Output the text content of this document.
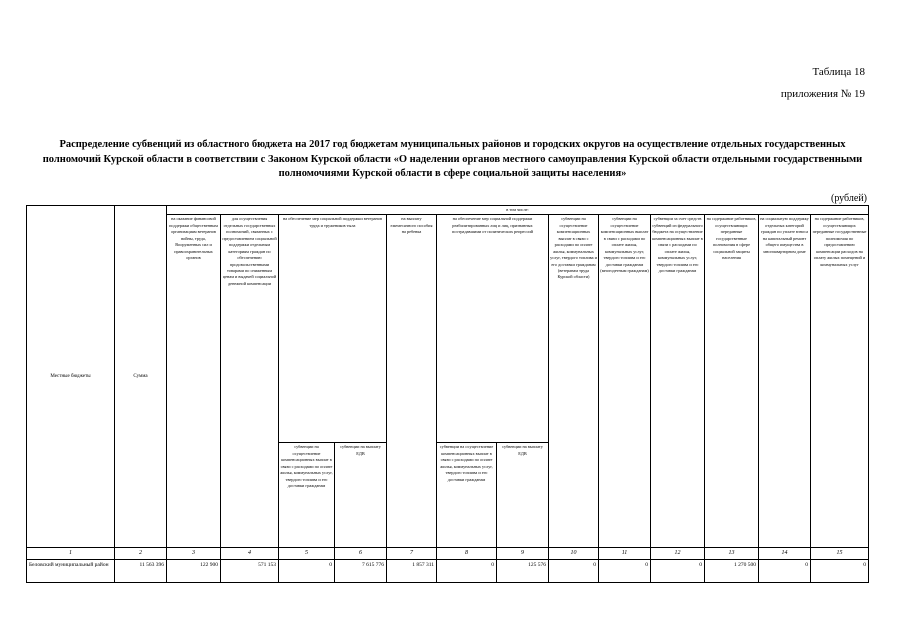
Таблица 18
приложения № 19
Распределение субвенций из областного бюджета на 2017 год бюджетам муниципальных районов и городских округов на осуществление отдельных государственных полномочий Курской области в соответствии с Законом Курской области «О наделении органов местного самоуправления Курской области отдельными государственными полномочиями Курской области в сфере социальной защиты населения»
(рублей)
Местные бюджеты	Сумма	в том числе:												
		на оказание финансовой поддержки общественным организациям ветеранов войны, труда, Вооруженных сил и правоохранительных органов	для осуществления отдельных государственных полномочий, связанных с предоставлением социальной поддержки отдельным категориям граждан по обеспечению продовольственными товарами по сниженным ценам и выдачей социальной денежной компенсации	на обеспечение мер социальной поддержки ветеранов труда и тружеников тыла		на выплату ежемесячного пособия на ребенка	на обеспечение мер социальной поддержки реабилитированных лиц и лиц, признанных пострадавшими от политических репрессий		субвенции на осуществление компенсационных выплат в связи с расходами по оплате жилья, коммунальных услуг, твердого топлива и его доставки гражданам (ветеранам труда Курской области)	субвенции на осуществление компенсационных выплат в связи с расходами по оплате жилья, коммунальных услуг, твердого топлива и его доставки гражданам (многодетным гражданам)	субвенции за счет средств субвенций из федерального бюджета на осуществление компенсационных выплат в связи с расходами по оплате жилья, коммунальных услуг, твердого топлива и его доставки гражданам	на содержание работников, осуществляющих переданные государственные полномочия в сфере социальной защиты населения	на социальную поддержку отдельных категорий граждан по уплате взноса на капитальный ремонт общего имущества в многоквартирном доме	на содержание работников, осуществляющих переданные государственные полномочия по предоставлению компенсации расходов на оплату жилых помещений и коммунальных услуг
				субвенции на осуществление компенсационных выплат в связи с расходами по оплате жилья, коммунальных услуг, твердого топлива и его доставки гражданам	субвенции на выплату ЕДВ		субвенции на осуществление компенсационных выплат в связи с расходами по оплате жилья, коммунальных услуг, твердого топлива и его доставки гражданам	субвенции на выплату ЕДВ						
1	2	3	4	5	6	7	8	9	10	11	12	13	14	15
Беловский муниципальный район	11 563 396	122 900	571 153	0	7 615 776	1 857 311	0	125 576	0	0	0	1 270 500	0	0
